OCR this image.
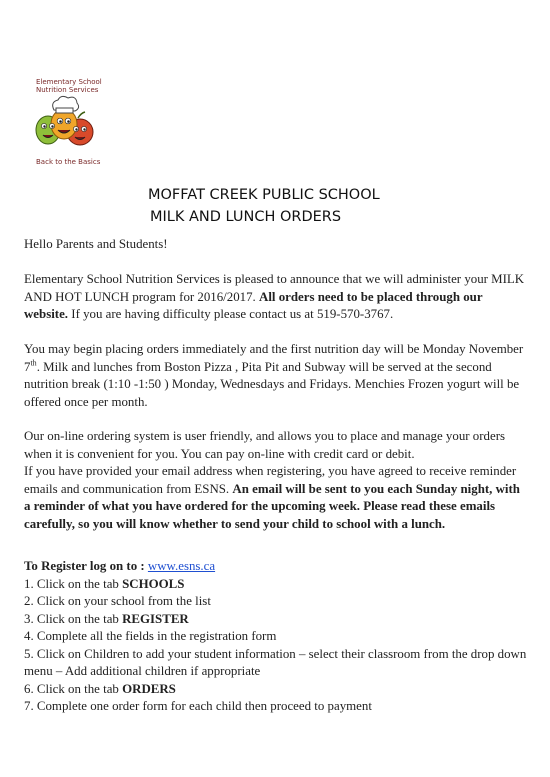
Elementary School
Nutrition Services
Back to the Basics
MOFFAT CREEK PUBLIC SCHOOL
MILK AND LUNCH ORDERS
Hello Parents and Students!
Elementary School Nutrition Services is pleased to announce that we will administer your MILK AND HOT LUNCH program for 2016/2017. All orders need to be placed through our website. If you are having difficulty please contact us at 519-570-3767.
You may begin placing orders immediately and the first nutrition day will be Monday November 7th. Milk and lunches from Boston Pizza , Pita Pit and Subway will be served at the second nutrition break (1:10 -1:50 ) Monday, Wednesdays and Fridays. Menchies Frozen yogurt will be offered once per month.
Our on-line ordering system is user friendly, and allows you to place and manage your orders when it is convenient for you. You can pay on-line with credit card or debit.
If you have provided your email address when registering, you have agreed to receive reminder emails and communication from ESNS. An email will be sent to you each Sunday night, with a reminder of what you have ordered for the upcoming week. Please read these emails carefully, so you will know whether to send your child to school with a lunch.
To Register log on to : www.esns.ca
1. Click on the tab SCHOOLS
2. Click on your school from the list
3. Click on the tab REGISTER
4. Complete all the fields in the registration form
5. Click on Children to add your student information – select their classroom from the drop down menu – Add additional children if appropriate
6. Click on the tab ORDERS
7. Complete one order form for each child then proceed to payment
